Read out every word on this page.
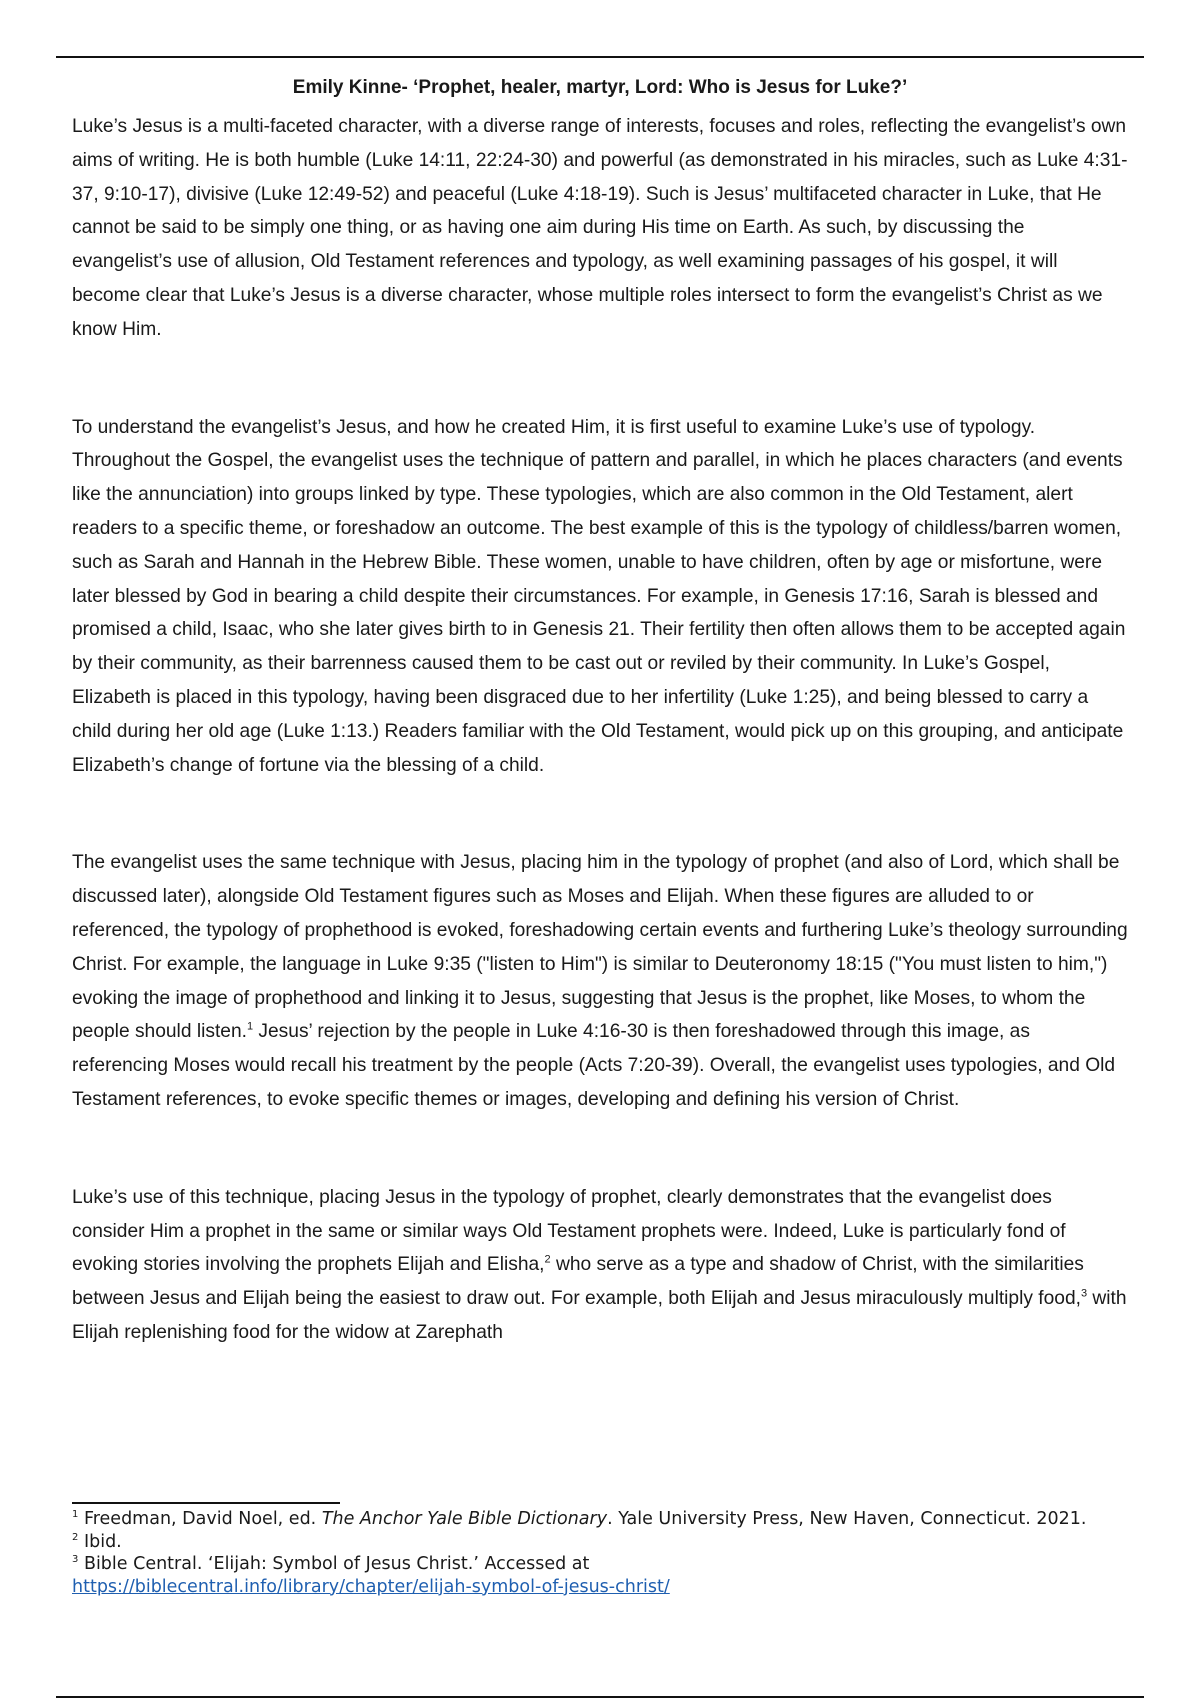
Emily Kinne- ‘Prophet, healer, martyr, Lord: Who is Jesus for Luke?’

Luke’s Jesus is a multi-faceted character, with a diverse range of interests, focuses and roles, reflecting the evangelist’s own aims of writing. He is both humble (Luke 14:11, 22:24-30) and powerful (as demonstrated in his miracles, such as Luke 4:31-37, 9:10-17), divisive (Luke 12:49-52) and peaceful (Luke 4:18-19). Such is Jesus’ multifaceted character in Luke, that He cannot be said to be simply one thing, or as having one aim during His time on Earth. As such, by discussing the evangelist’s use of allusion, Old Testament references and typology, as well examining passages of his gospel, it will become clear that Luke’s Jesus is a diverse character, whose multiple roles intersect to form the evangelist’s Christ as we know Him.

To understand the evangelist’s Jesus, and how he created Him, it is first useful to examine Luke’s use of typology. Throughout the Gospel, the evangelist uses the technique of pattern and parallel, in which he places characters (and events like the annunciation) into groups linked by type. These typologies, which are also common in the Old Testament, alert readers to a specific theme, or foreshadow an outcome. The best example of this is the typology of childless/barren women, such as Sarah and Hannah in the Hebrew Bible. These women, unable to have children, often by age or misfortune, were later blessed by God in bearing a child despite their circumstances. For example, in Genesis 17:16, Sarah is blessed and promised a child, Isaac, who she later gives birth to in Genesis 21. Their fertility then often allows them to be accepted again by their community, as their barrenness caused them to be cast out or reviled by their community. In Luke’s Gospel, Elizabeth is placed in this typology, having been disgraced due to her infertility (Luke 1:25), and being blessed to carry a child during her old age (Luke 1:13.) Readers familiar with the Old Testament, would pick up on this grouping, and anticipate Elizabeth’s change of fortune via the blessing of a child.

The evangelist uses the same technique with Jesus, placing him in the typology of prophet (and also of Lord, which shall be discussed later), alongside Old Testament figures such as Moses and Elijah. When these figures are alluded to or referenced, the typology of prophethood is evoked, foreshadowing certain events and furthering Luke’s theology surrounding Christ. For example, the language in Luke 9:35 ("listen to Him") is similar to Deuteronomy 18:15 ("You must listen to him,") evoking the image of prophethood and linking it to Jesus, suggesting that Jesus is the prophet, like Moses, to whom the people should listen.$^1$ Jesus’ rejection by the people in Luke 4:16-30 is then foreshadowed through this image, as referencing Moses would recall his treatment by the people (Acts 7:20-39). Overall, the evangelist uses typologies, and Old Testament references, to evoke specific themes or images, developing and defining his version of Christ.

Luke’s use of this technique, placing Jesus in the typology of prophet, clearly demonstrates that the evangelist does consider Him a prophet in the same or similar ways Old Testament prophets were. Indeed, Luke is particularly fond of evoking stories involving the prophets Elijah and Elisha,$^2$ who serve as a type and shadow of Christ, with the similarities between Jesus and Elijah being the easiest to draw out. For example, both Elijah and Jesus miraculously multiply food,$^3$ with Elijah replenishing food for the widow at Zarephath

$^1$ Freedman, David Noel, ed. The Anchor Yale Bible Dictionary. Yale University Press, New Haven, Connecticut. 2021.

$^2$ Ibid.

$^3$ Bible Central. ‘Elijah: Symbol of Jesus Christ.’ Accessed at

https://biblecentral.info/library/chapter/elijah-symbol-of-jesus-christ/
